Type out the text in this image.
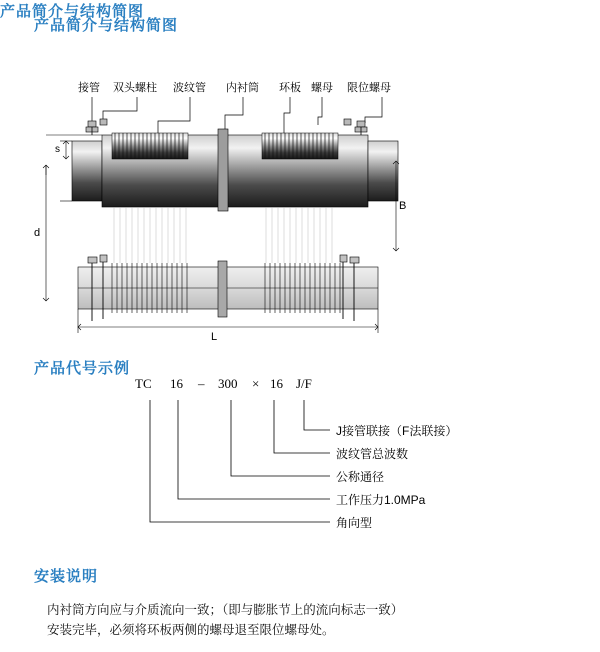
产品简介与结构简图
产品简介与结构简图
产品代号示例
安装说明
接管 双头螺柱 波纹管 内衬筒 环板 螺母 限位螺母
s
d
B
L
TC 16 – 300 × 16 J/F
J接管联接（F法联接）
波纹管总波数
公称通径
工作压力1.0MPa
角向型
内衬筒方向应与介质流向一致；（即与膨胀节上的流向标志一致）
安装完毕，必须将环板两侧的螺母退至限位螺母处。
